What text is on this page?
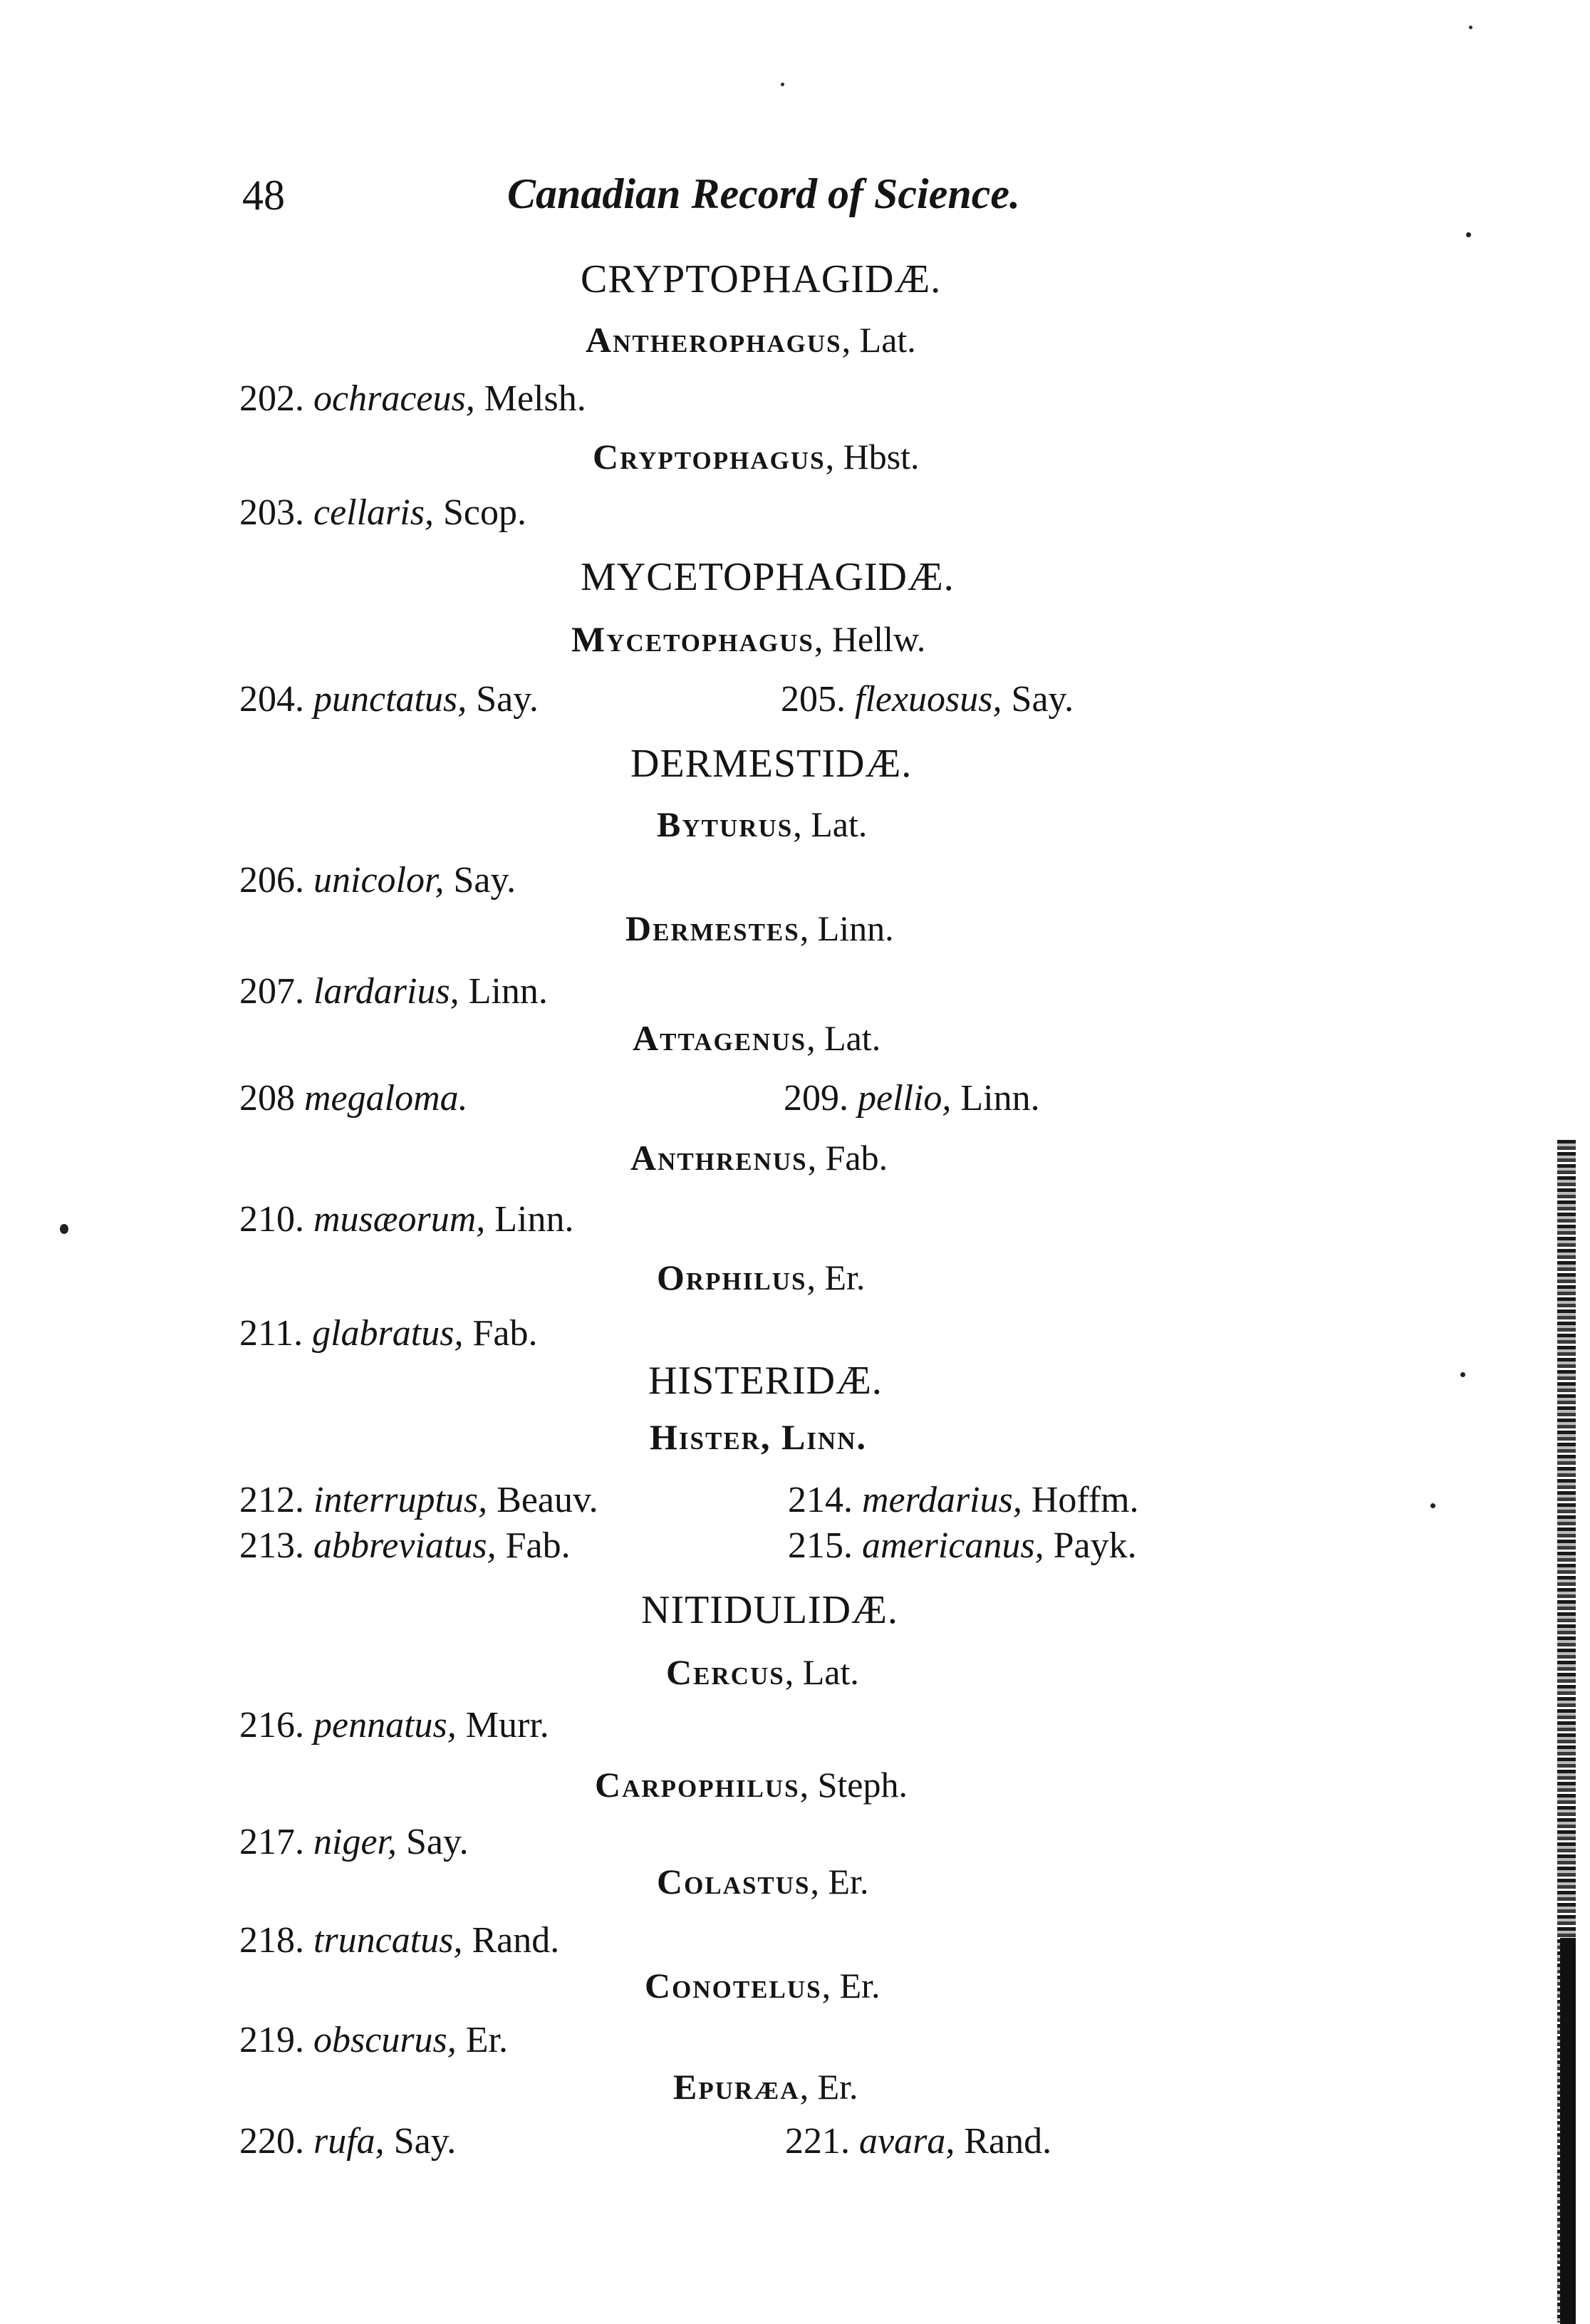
48	Canadian Record of Science.
CRYPTOPHAGIDÆ.
Antherophagus, Lat.
202. ochraceus, Melsh.
Cryptophagus, Hbst.
203. cellaris, Scop.
MYCETOPHAGIDÆ.
Mycetophagus, Hellw.
204. punctatus, Say.	205. flexuosus, Say.
DERMESTIDÆ.
Byturus, Lat.
206. unicolor, Say.
Dermestes, Linn.
207. lardarius, Linn.
Attagenus, Lat.
208 megaloma.	209. pellio, Linn.
Anthrenus, Fab.
210. musæorum, Linn.
Orphilus, Er.
211. glabratus, Fab.
HISTERIDÆ.
Hister, Linn.
212. interruptus, Beauv.	214. merdarius, Hoffm.
213. abbreviatus, Fab.	215. americanus, Payk.
NITIDULIDÆ.
Cercus, Lat.
216. pennatus, Murr.
Carpophilus, Steph.
217. niger, Say.
Colastus, Er.
218. truncatus, Rand.
Conotelus, Er.
219. obscurus, Er.
Epuræa, Er.
220. rufa, Say.	221. avara, Rand.
